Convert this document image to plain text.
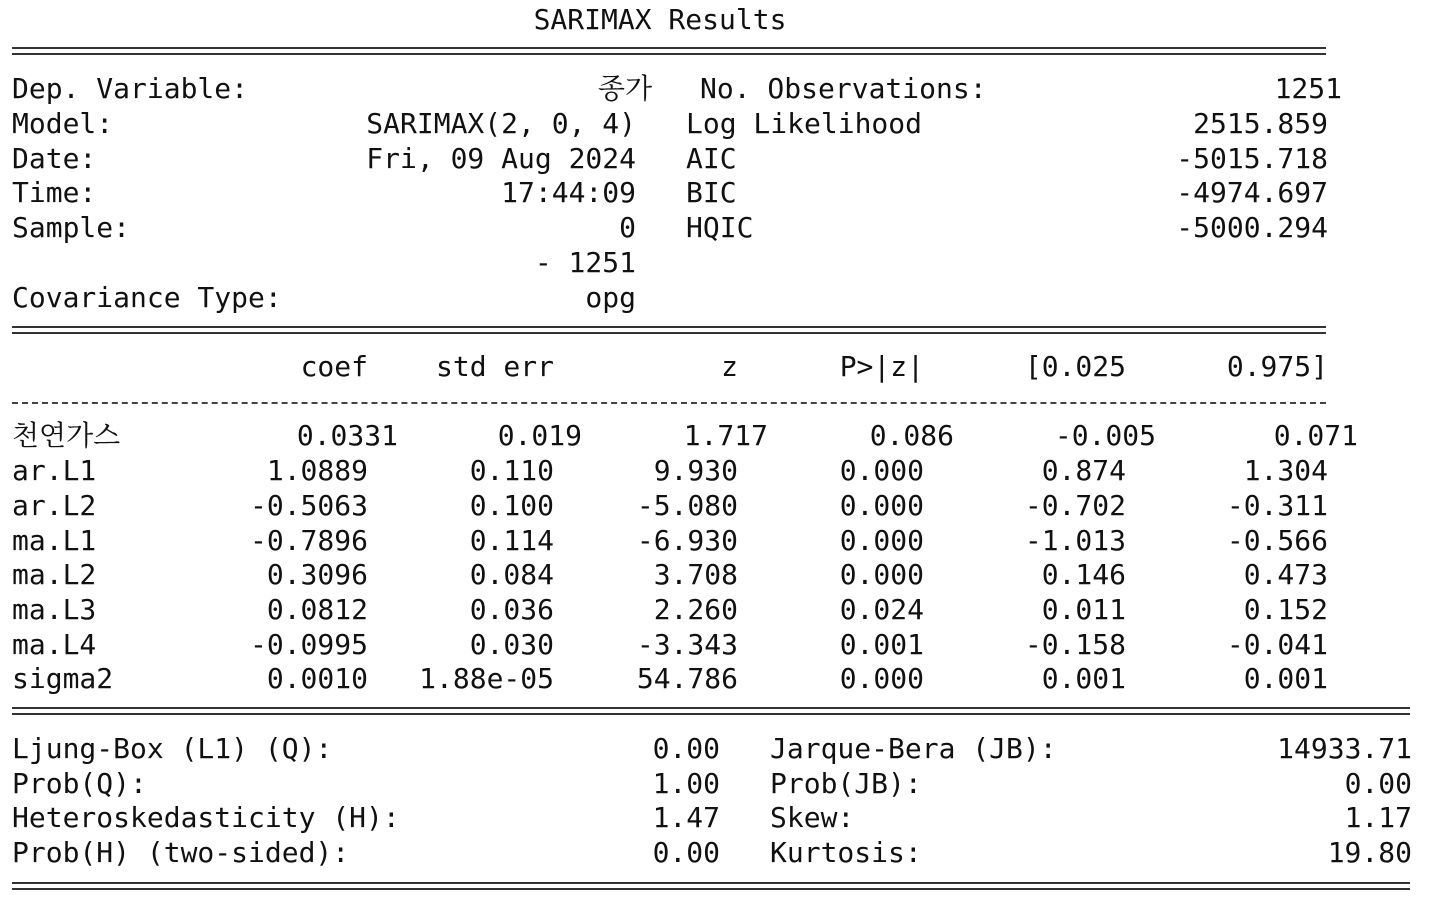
SARIMAX Results
Dep. Variable:	종가
Model:	SARIMAX(2, 0, 4)
Date:	Fri, 09 Aug 2024
Time:	17:44:09
Sample:	0
- 1251
Covariance Type:	opg
No. Observations:	1251
Log Likelihood	2515.859
AIC	-5015.718
BIC	-4974.697
HQIC	-5000.294
coef	std err	z	P>|z|	[0.025	0.975]
천연가스	0.0331	0.019	1.717	0.086	-0.005	0.071
ar.L1	1.0889	0.110	9.930	0.000	0.874	1.304
ar.L2	-0.5063	0.100	-5.080	0.000	-0.702	-0.311
ma.L1	-0.7896	0.114	-6.930	0.000	-1.013	-0.566
ma.L2	0.3096	0.084	3.708	0.000	0.146	0.473
ma.L3	0.0812	0.036	2.260	0.024	0.011	0.152
ma.L4	-0.0995	0.030	-3.343	0.001	-0.158	-0.041
sigma2	0.0010	1.88e-05	54.786	0.000	0.001	0.001
Ljung-Box (L1) (Q):	0.00
Prob(Q):	1.00
Heteroskedasticity (H):	1.47
Prob(H) (two-sided):	0.00
Jarque-Bera (JB):	14933.71
Prob(JB):	0.00
Skew:	1.17
Kurtosis:	19.80
